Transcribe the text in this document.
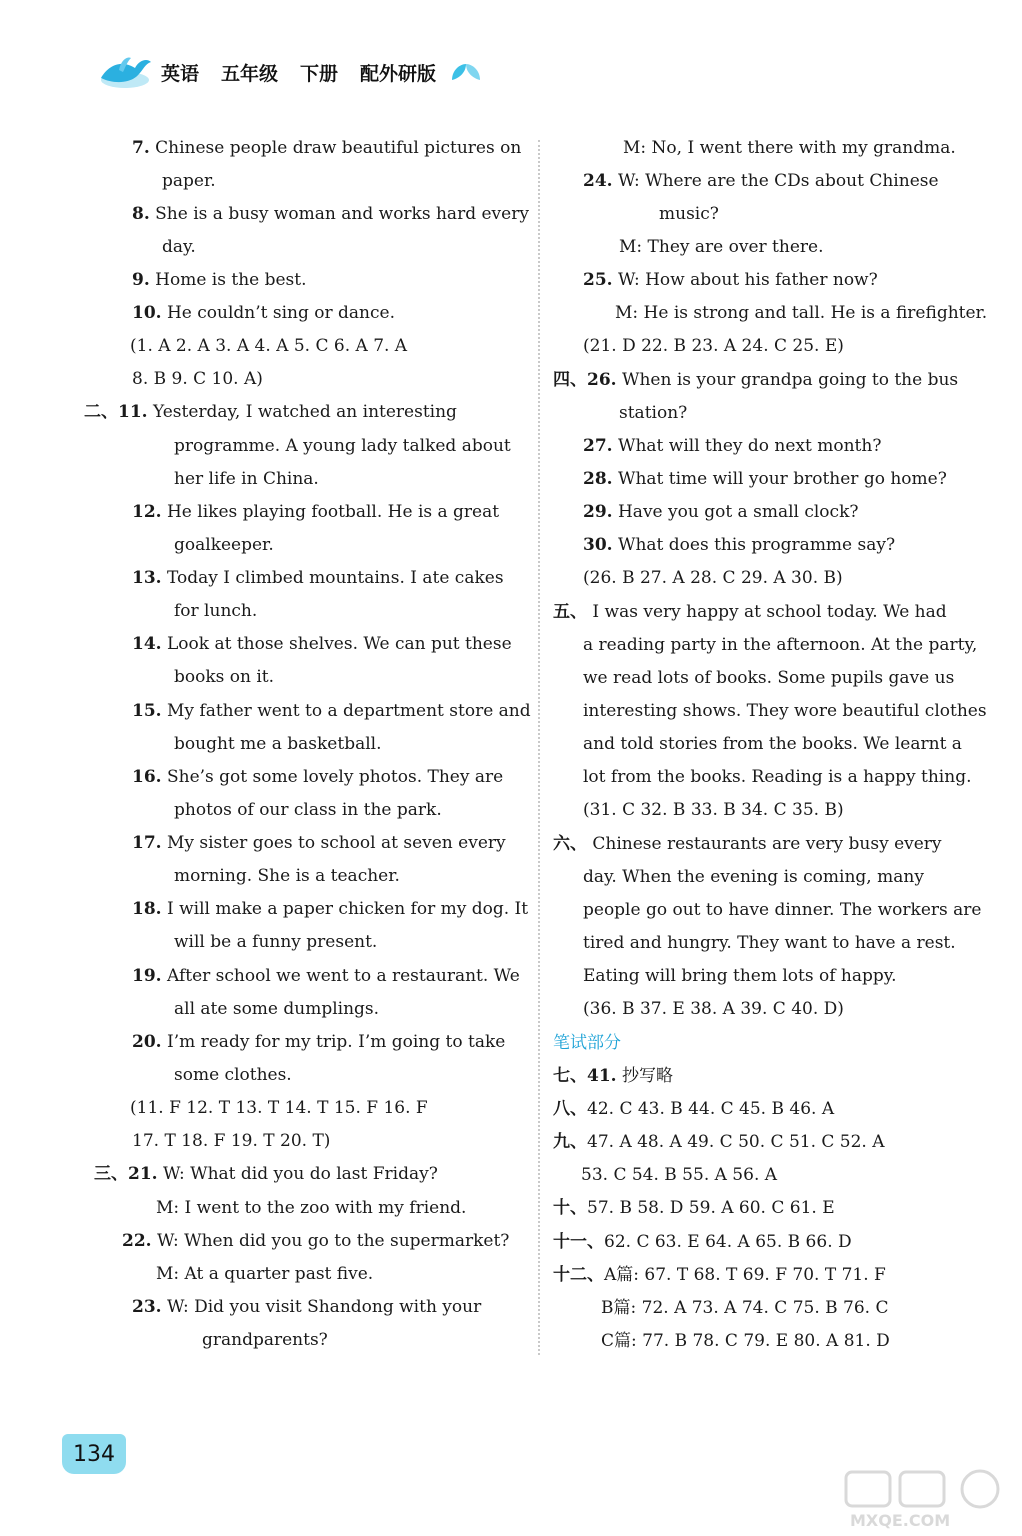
英语 五年级 下册 配外研版
7. Chinese people draw beautiful pictures on
paper.
8. She is a busy woman and works hard every
day.
9. Home is the best.
10. He couldn’t sing or dance.
(1. A 2. A 3. A 4. A 5. C 6. A 7. A
8. B 9. C 10. A)
二、11. Yesterday, I watched an interesting
programme. A young lady talked about
her life in China.
12. He likes playing football. He is a great
goalkeeper.
13. Today I climbed mountains. I ate cakes
for lunch.
14. Look at those shelves. We can put these
books on it.
15. My father went to a department store and
bought me a basketball.
16. She’s got some lovely photos. They are
photos of our class in the park.
17. My sister goes to school at seven every
morning. She is a teacher.
18. I will make a paper chicken for my dog. It
will be a funny present.
19. After school we went to a restaurant. We
all ate some dumplings.
20. I’m ready for my trip. I’m going to take
some clothes.
(11. F 12. T 13. T 14. T 15. F 16. F
17. T 18. F 19. T 20. T)
三、21. W: What did you do last Friday?
M: I went to the zoo with my friend.
22. W: When did you go to the supermarket?
M: At a quarter past five.
23. W: Did you visit Shandong with your
grandparents?
M: No, I went there with my grandma.
24. W: Where are the CDs about Chinese
music?
M: They are over there.
25. W: How about his father now?
M: He is strong and tall. He is a firefighter.
(21. D 22. B 23. A 24. C 25. E)
四、26. When is your grandpa going to the bus
station?
27. What will they do next month?
28. What time will your brother go home?
29. Have you got a small clock?
30. What does this programme say?
(26. B 27. A 28. C 29. A 30. B)
五、 I was very happy at school today. We had
a reading party in the afternoon. At the party,
we read lots of books. Some pupils gave us
interesting shows. They wore beautiful clothes
and told stories from the books. We learnt a
lot from the books. Reading is a happy thing.
(31. C 32. B 33. B 34. C 35. B)
六、 Chinese restaurants are very busy every
day. When the evening is coming, many
people go out to have dinner. The workers are
tired and hungry. They want to have a rest.
Eating will bring them lots of happy.
(36. B 37. E 38. A 39. C 40. D)
笔试部分
七、41. 抄写略
八、42. C 43. B 44. C 45. B 46. A
九、47. A 48. A 49. C 50. C 51. C 52. A
53. C 54. B 55. A 56. A
十、57. B 58. D 59. A 60. C 61. E
十一、62. C 63. E 64. A 65. B 66. D
十二、A篇: 67. T 68. T 69. F 70. T 71. F
B篇: 72. A 73. A 74. C 75. B 76. C
C篇: 77. B 78. C 79. E 80. A 81. D
134
MXQE.COM
